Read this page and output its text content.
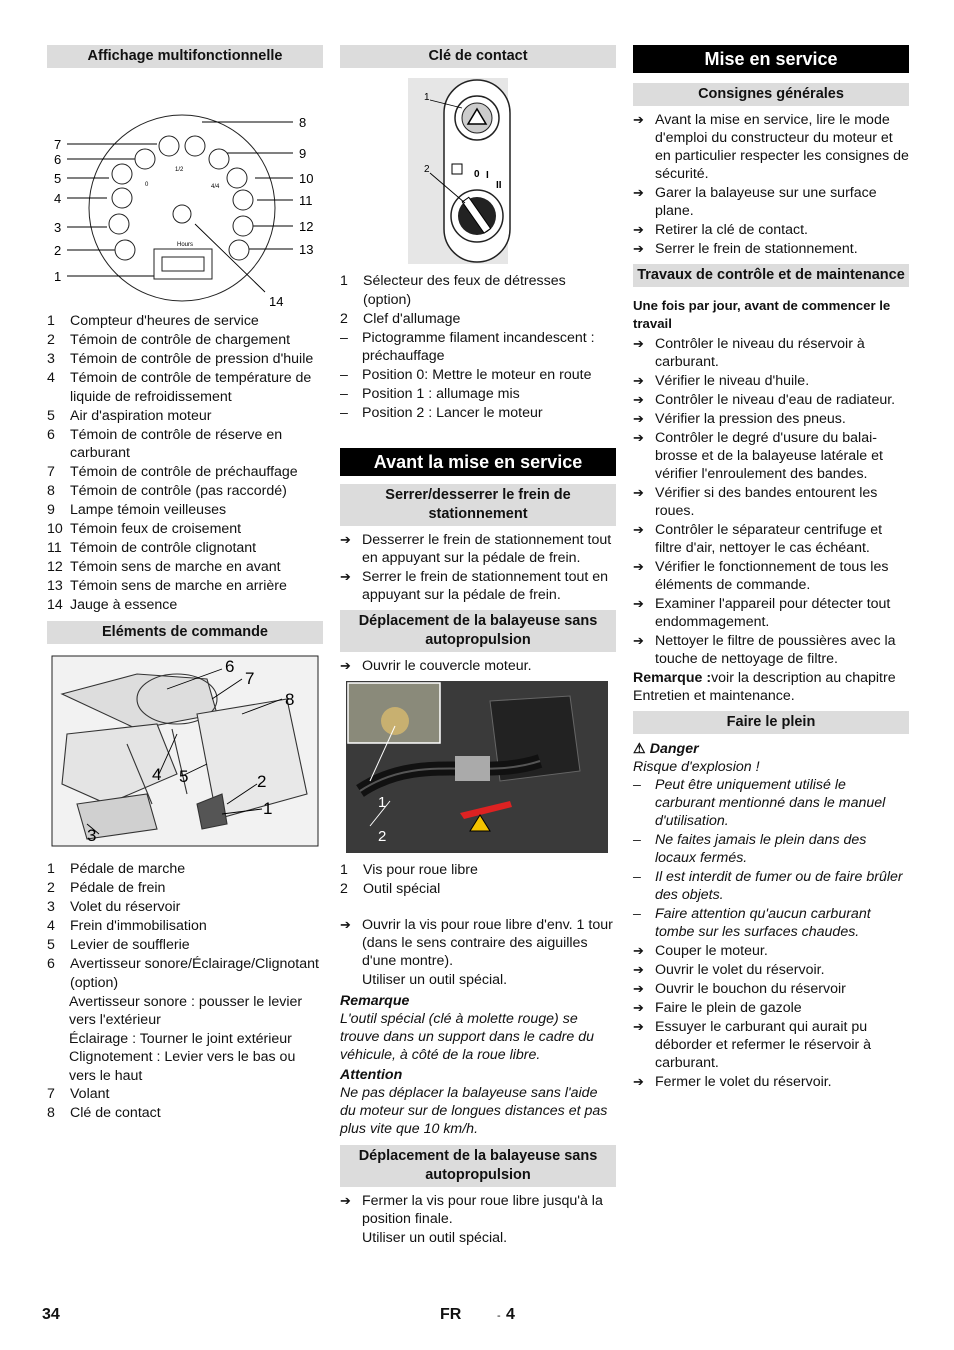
Affichage multifonctionnelle
Hours
1/2
4/4
0
7
6
5
4
3
2
1
8
9
10
11
12
13
14
1	Compteur d'heures de service
2	Témoin de contrôle de chargement
3	Témoin de contrôle de pression d'huile
4	Témoin de contrôle de température de liquide de refroidissement
5	Air d'aspiration moteur
6	Témoin de contrôle de réserve en carburant
7	Témoin de contrôle de préchauffage
8	Témoin de contrôle (pas raccordé)
9	Lampe témoin veilleuses
10 Témoin feux de croisement
11 Témoin de contrôle clignotant
12 Témoin sens de marche en avant
13 Témoin sens de marche en arrière
14 Jauge à essence
Eléments de commande
6
7
8
4 5	2
1
3
1	Pédale de marche
2	Pédale de frein
3	Volet du réservoir
4	Frein d'immobilisation
5	Levier de soufflerie
6	Avertisseur sonore/Éclairage/Clignotant (option)
Avertisseur sonore : pousser le levier vers l'extérieur
Éclairage : Tourner le joint extérieur
Clignotement : Levier vers le bas ou vers le haut
7	Volant
8	Clé de contact
Clé de contact
1
2	0 I
II
1	Sélecteur des feux de détresses (option)
2	Clef d'allumage
– Pictogramme filament incandescent : préchauffage
– Position 0: Mettre le moteur en route
– Position 1 : allumage mis
– Position 2 : Lancer le moteur
Avant la mise en service
Serrer/desserrer le frein de stationnement
➔ Desserrer le frein de stationnement tout en appuyant sur la pédale de frein.
➔ Serrer le frein de stationnement tout en appuyant sur la pédale de frein.
Déplacement de la balayeuse sans autopropulsion
➔ Ouvrir le couvercle moteur.
1
2
1	Vis pour roue libre
2	Outil spécial
➔ Ouvrir la vis pour roue libre d'env. 1 tour (dans le sens contraire des aiguilles d'une montre).
Utiliser un outil spécial.

Remarque

L'outil spécial (clé à molette rouge) se trouve dans un support dans le cadre du véhicule, à côté de la roue libre.

Attention

Ne pas déplacer la balayeuse sans l'aide du moteur sur de longues distances et pas plus vite que 10 km/h.

Déplacement de la balayeuse sans autopropulsion
➔ Fermer la vis pour roue libre jusqu'à la position finale.
Utiliser un outil spécial.
Mise en service
Consignes générales
➔ Avant la mise en service, lire le mode d'emploi du constructeur du moteur et en particulier respecter les consignes de sécurité.
➔ Garer la balayeuse sur une surface plane.
➔ Retirer la clé de contact.
➔ Serrer le frein de stationnement.
Travaux de contrôle et de maintenance

Une fois par jour, avant de commencer le travail

➔ Contrôler le niveau du réservoir à carburant.
➔ Vérifier le niveau d'huile.
➔ Contrôler le niveau d'eau de radiateur.
➔ Vérifier la pression des pneus.
➔ Contrôler le degré d'usure du balai-brosse et de la balayeuse latérale et vérifier l'enroulement des bandes.
➔ Vérifier si des bandes entourent les roues.
➔ Contrôler le séparateur centrifuge et filtre d'air, nettoyer le cas échéant.
➔ Vérifier le fonctionnement de tous les éléments de commande.
➔ Examiner l'appareil pour détecter tout endommagement.
➔ Nettoyer le filtre de poussières avec la touche de nettoyage de filtre.

Remarque :voir la description au chapitre Entretien et maintenance.

Faire le plein

⚠ Danger

Risque d'explosion !

– Peut être uniquement utilisé le carburant mentionné dans le manuel d'utilisation.
– Ne faites jamais le plein dans des locaux fermés.
– Il est interdit de fumer ou de faire brûler des objets.
– Faire attention qu'aucun carburant tombe sur les surfaces chaudes.
➔ Couper le moteur.
➔ Ouvrir le volet du réservoir.
➔ Ouvrir le bouchon du réservoir
➔ Faire le plein de gazole
➔ Essuyer le carburant qui aurait pu déborder et refermer le réservoir à carburant.
➔ Fermer le volet du réservoir.
34	FR	- 4
